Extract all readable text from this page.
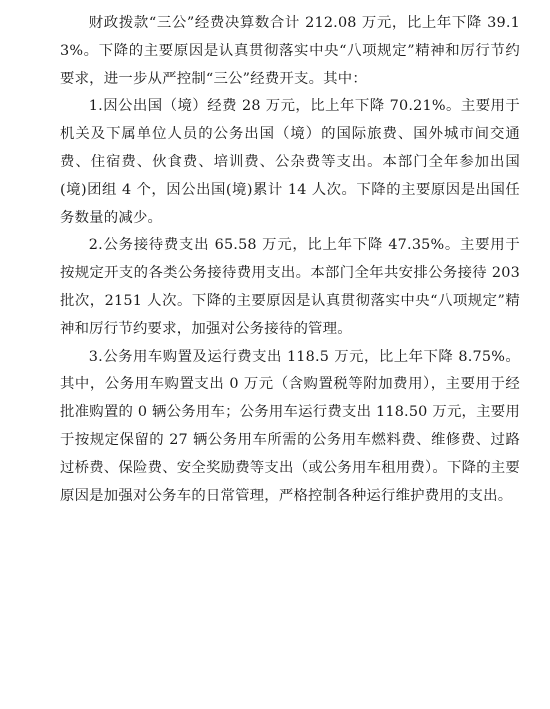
财政拨款“三公”经费决算数合计 212.08 万元，比上年下降 39.13%。下降的主要原因是认真贯彻落实中央“八项规定”精神和厉行节约要求，进一步从严控制“三公”经费开支。其中：

1.因公出国（境）经费 28 万元，比上年下降 70.21%。主要用于机关及下属单位人员的公务出国（境）的国际旅费、国外城市间交通费、住宿费、伙食费、培训费、公杂费等支出。本部门全年参加出国(境)团组 4 个，因公出国(境)累计 14 人次。下降的主要原因是出国任务数量的减少。

2.公务接待费支出 65.58 万元，比上年下降 47.35%。主要用于按规定开支的各类公务接待费用支出。本部门全年共安排公务接待 203 批次，2151 人次。下降的主要原因是认真贯彻落实中央“八项规定”精神和厉行节约要求，加强对公务接待的管理。

3.公务用车购置及运行费支出 118.5 万元，比上年下降 8.75%。其中，公务用车购置支出 0 万元（含购置税等附加费用），主要用于经批准购置的 0 辆公务用车；公务用车运行费支出 118.50 万元，主要用于按规定保留的 27 辆公务用车所需的公务用车燃料费、维修费、过路过桥费、保险费、安全奖励费等支出（或公务用车租用费）。下降的主要原因是加强对公务车的日常管理，严格控制各种运行维护费用的支出。
